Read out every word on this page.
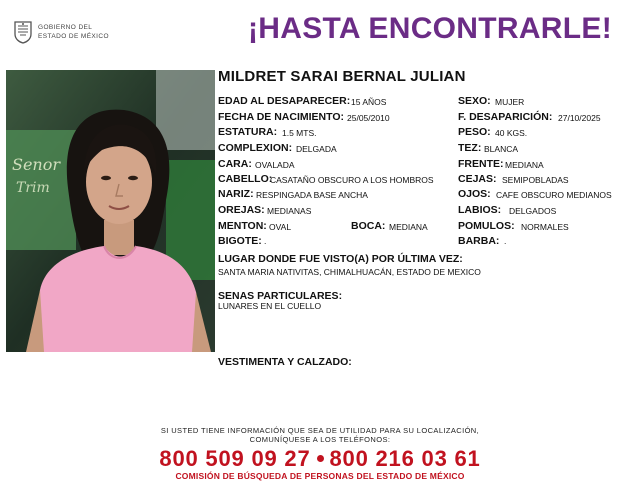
GOBIERNO DEL
ESTADO DE MÉXICO	¡HASTA ENCONTRARLE!
Senor
Trim
MILDRET SARAI BERNAL JULIAN
EDAD AL DESAPARECER: 15 AÑOS
FECHA DE NACIMIENTO: 25/05/2010
ESTATURA: 1.5 MTS.
COMPLEXION: DELGADA
CARA: OVALADA
CABELLO:
CASATAÑO OBSCURO A LOS HOMBROS
NARIZ: RESPINGADA BASE ANCHA
OREJAS: MEDIANAS
MENTON: OVAL	BOCA: MEDIANA
BIGOTE: .
SEXO: MUJER
F. DESAPARICIÓN: 27/10/2025
PESO: 40 KGS.
TEZ: BLANCA
FRENTE: MEDIANA
CEJAS: SEMIPOBLADAS
OJOS: CAFE OBSCURO MEDIANOS
LABIOS: DELGADOS
POMULOS: NORMALES
BARBA: .
LUGAR DONDE FUE VISTO(A) POR ÚLTIMA VEZ:
SANTA MARIA NATIVITAS, CHIMALHUACÁN, ESTADO DE MEXICO
SENAS PARTICULARES:
LUNARES EN EL CUELLO
VESTIMENTA Y CALZADO:
SI USTED TIENE INFORMACIÓN QUE SEA DE UTILIDAD PARA SU LOCALIZACIÓN,
COMUNÍQUESE A LOS TELÉFONOS:
800 509 09 27 800 216 03 61
COMISIÓN DE BÚSQUEDA DE PERSONAS DEL ESTADO DE MÉXICO
